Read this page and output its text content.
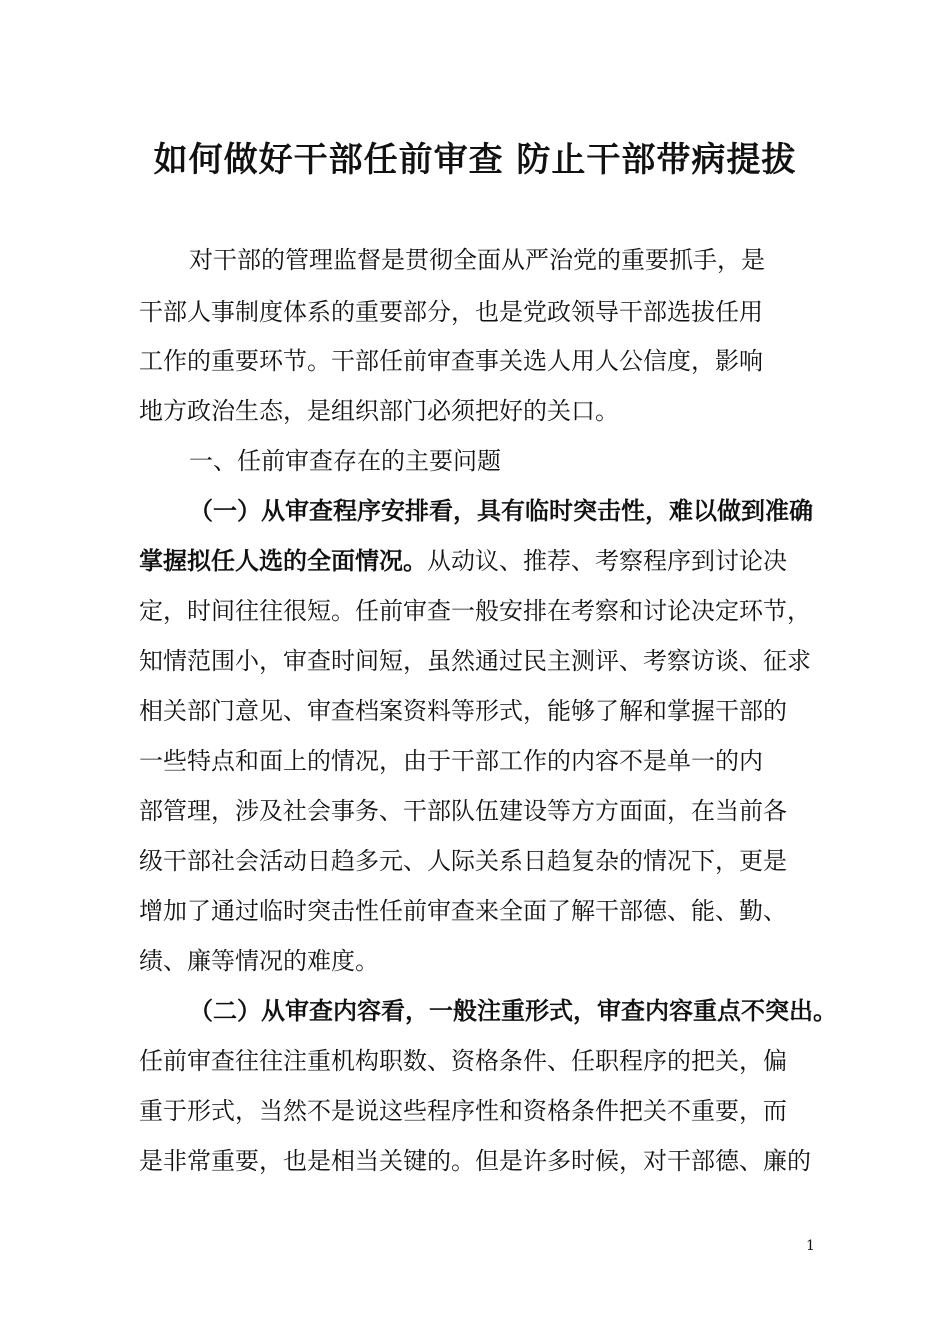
如何做好干部任前审查 防止干部带病提拔
对干部的管理监督是贯彻全面从严治党的重要抓手，是
干部人事制度体系的重要部分，也是党政领导干部选拔任用
工作的重要环节。干部任前审查事关选人用人公信度，影响
地方政治生态，是组织部门必须把好的关口。
一、任前审查存在的主要问题
（一）从审查程序安排看，具有临时突击性，难以做到准确
掌握拟任人选的全面情况。从动议、推荐、考察程序到讨论决
定，时间往往很短。任前审查一般安排在考察和讨论决定环节，
知情范围小，审查时间短，虽然通过民主测评、考察访谈、征求
相关部门意见、审查档案资料等形式，能够了解和掌握干部的
一些特点和面上的情况，由于干部工作的内容不是单一的内
部管理，涉及社会事务、干部队伍建设等方方面面，在当前各
级干部社会活动日趋多元、人际关系日趋复杂的情况下，更是
增加了通过临时突击性任前审查来全面了解干部德、能、勤、
绩、廉等情况的难度。
（二）从审查内容看，一般注重形式，审查内容重点不突出。
任前审查往往注重机构职数、资格条件、任职程序的把关，偏
重于形式，当然不是说这些程序性和资格条件把关不重要，而
是非常重要，也是相当关键的。但是许多时候，对干部德、廉的
1
